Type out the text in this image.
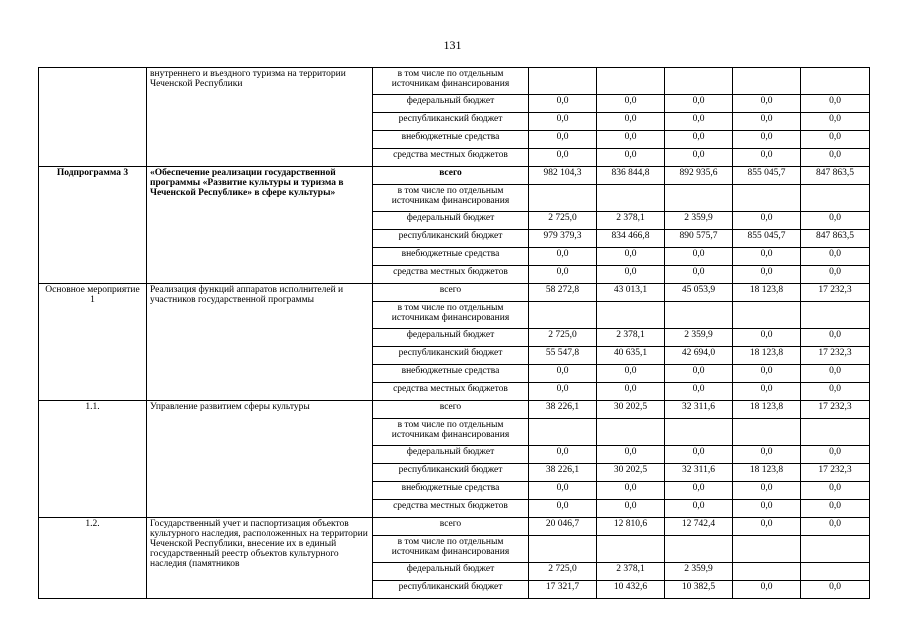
131
	внутреннего и въездного туризма на территории Чеченской Республики	в том числе по отдельным источникам финансирования					
		федеральный бюджет	0,0	0,0	0,0	0,0	0,0
		республиканский бюджет	0,0	0,0	0,0	0,0	0,0
		внебюджетные средства	0,0	0,0	0,0	0,0	0,0
		средства местных бюджетов	0,0	0,0	0,0	0,0	0,0
Подпрограмма 3	«Обеспечение реализации государственной программы «Развитие культуры и туризма в Чеченской Республике» в сфере культуры»	всего	982 104,3	836 844,8	892 935,6	855 045,7	847 863,5
		в том числе по отдельным источникам финансирования					
		федеральный бюджет	2 725,0	2 378,1	2 359,9	0,0	0,0
		республиканский бюджет	979 379,3	834 466,8	890 575,7	855 045,7	847 863,5
		внебюджетные средства	0,0	0,0	0,0	0,0	0,0
		средства местных бюджетов	0,0	0,0	0,0	0,0	0,0
Основное мероприятие 1	Реализация функций аппаратов исполнителей и участников государственной программы	всего	58 272,8	43 013,1	45 053,9	18 123,8	17 232,3
		в том числе по отдельным источникам финансирования					
		федеральный бюджет	2 725,0	2 378,1	2 359,9	0,0	0,0
		республиканский бюджет	55 547,8	40 635,1	42 694,0	18 123,8	17 232,3
		внебюджетные средства	0,0	0,0	0,0	0,0	0,0
		средства местных бюджетов	0,0	0,0	0,0	0,0	0,0
1.1.	Управление развитием сферы культуры	всего	38 226,1	30 202,5	32 311,6	18 123,8	17 232,3
		в том числе по отдельным источникам финансирования					
		федеральный бюджет	0,0	0,0	0,0	0,0	0,0
		республиканский бюджет	38 226,1	30 202,5	32 311,6	18 123,8	17 232,3
		внебюджетные средства	0,0	0,0	0,0	0,0	0,0
		средства местных бюджетов	0,0	0,0	0,0	0,0	0,0
1.2.	Государственный учет и паспортизация объектов культурного наследия, расположенных на территории Чеченской Республики, внесение их в единый государственный реестр объектов культурного наследия (памятников	всего	20 046,7	12 810,6	12 742,4	0,0	0,0
		в том числе по отдельным источникам финансирования					
		федеральный бюджет	2 725,0	2 378,1	2 359,9		
		республиканский бюджет	17 321,7	10 432,6	10 382,5	0,0	0,0
